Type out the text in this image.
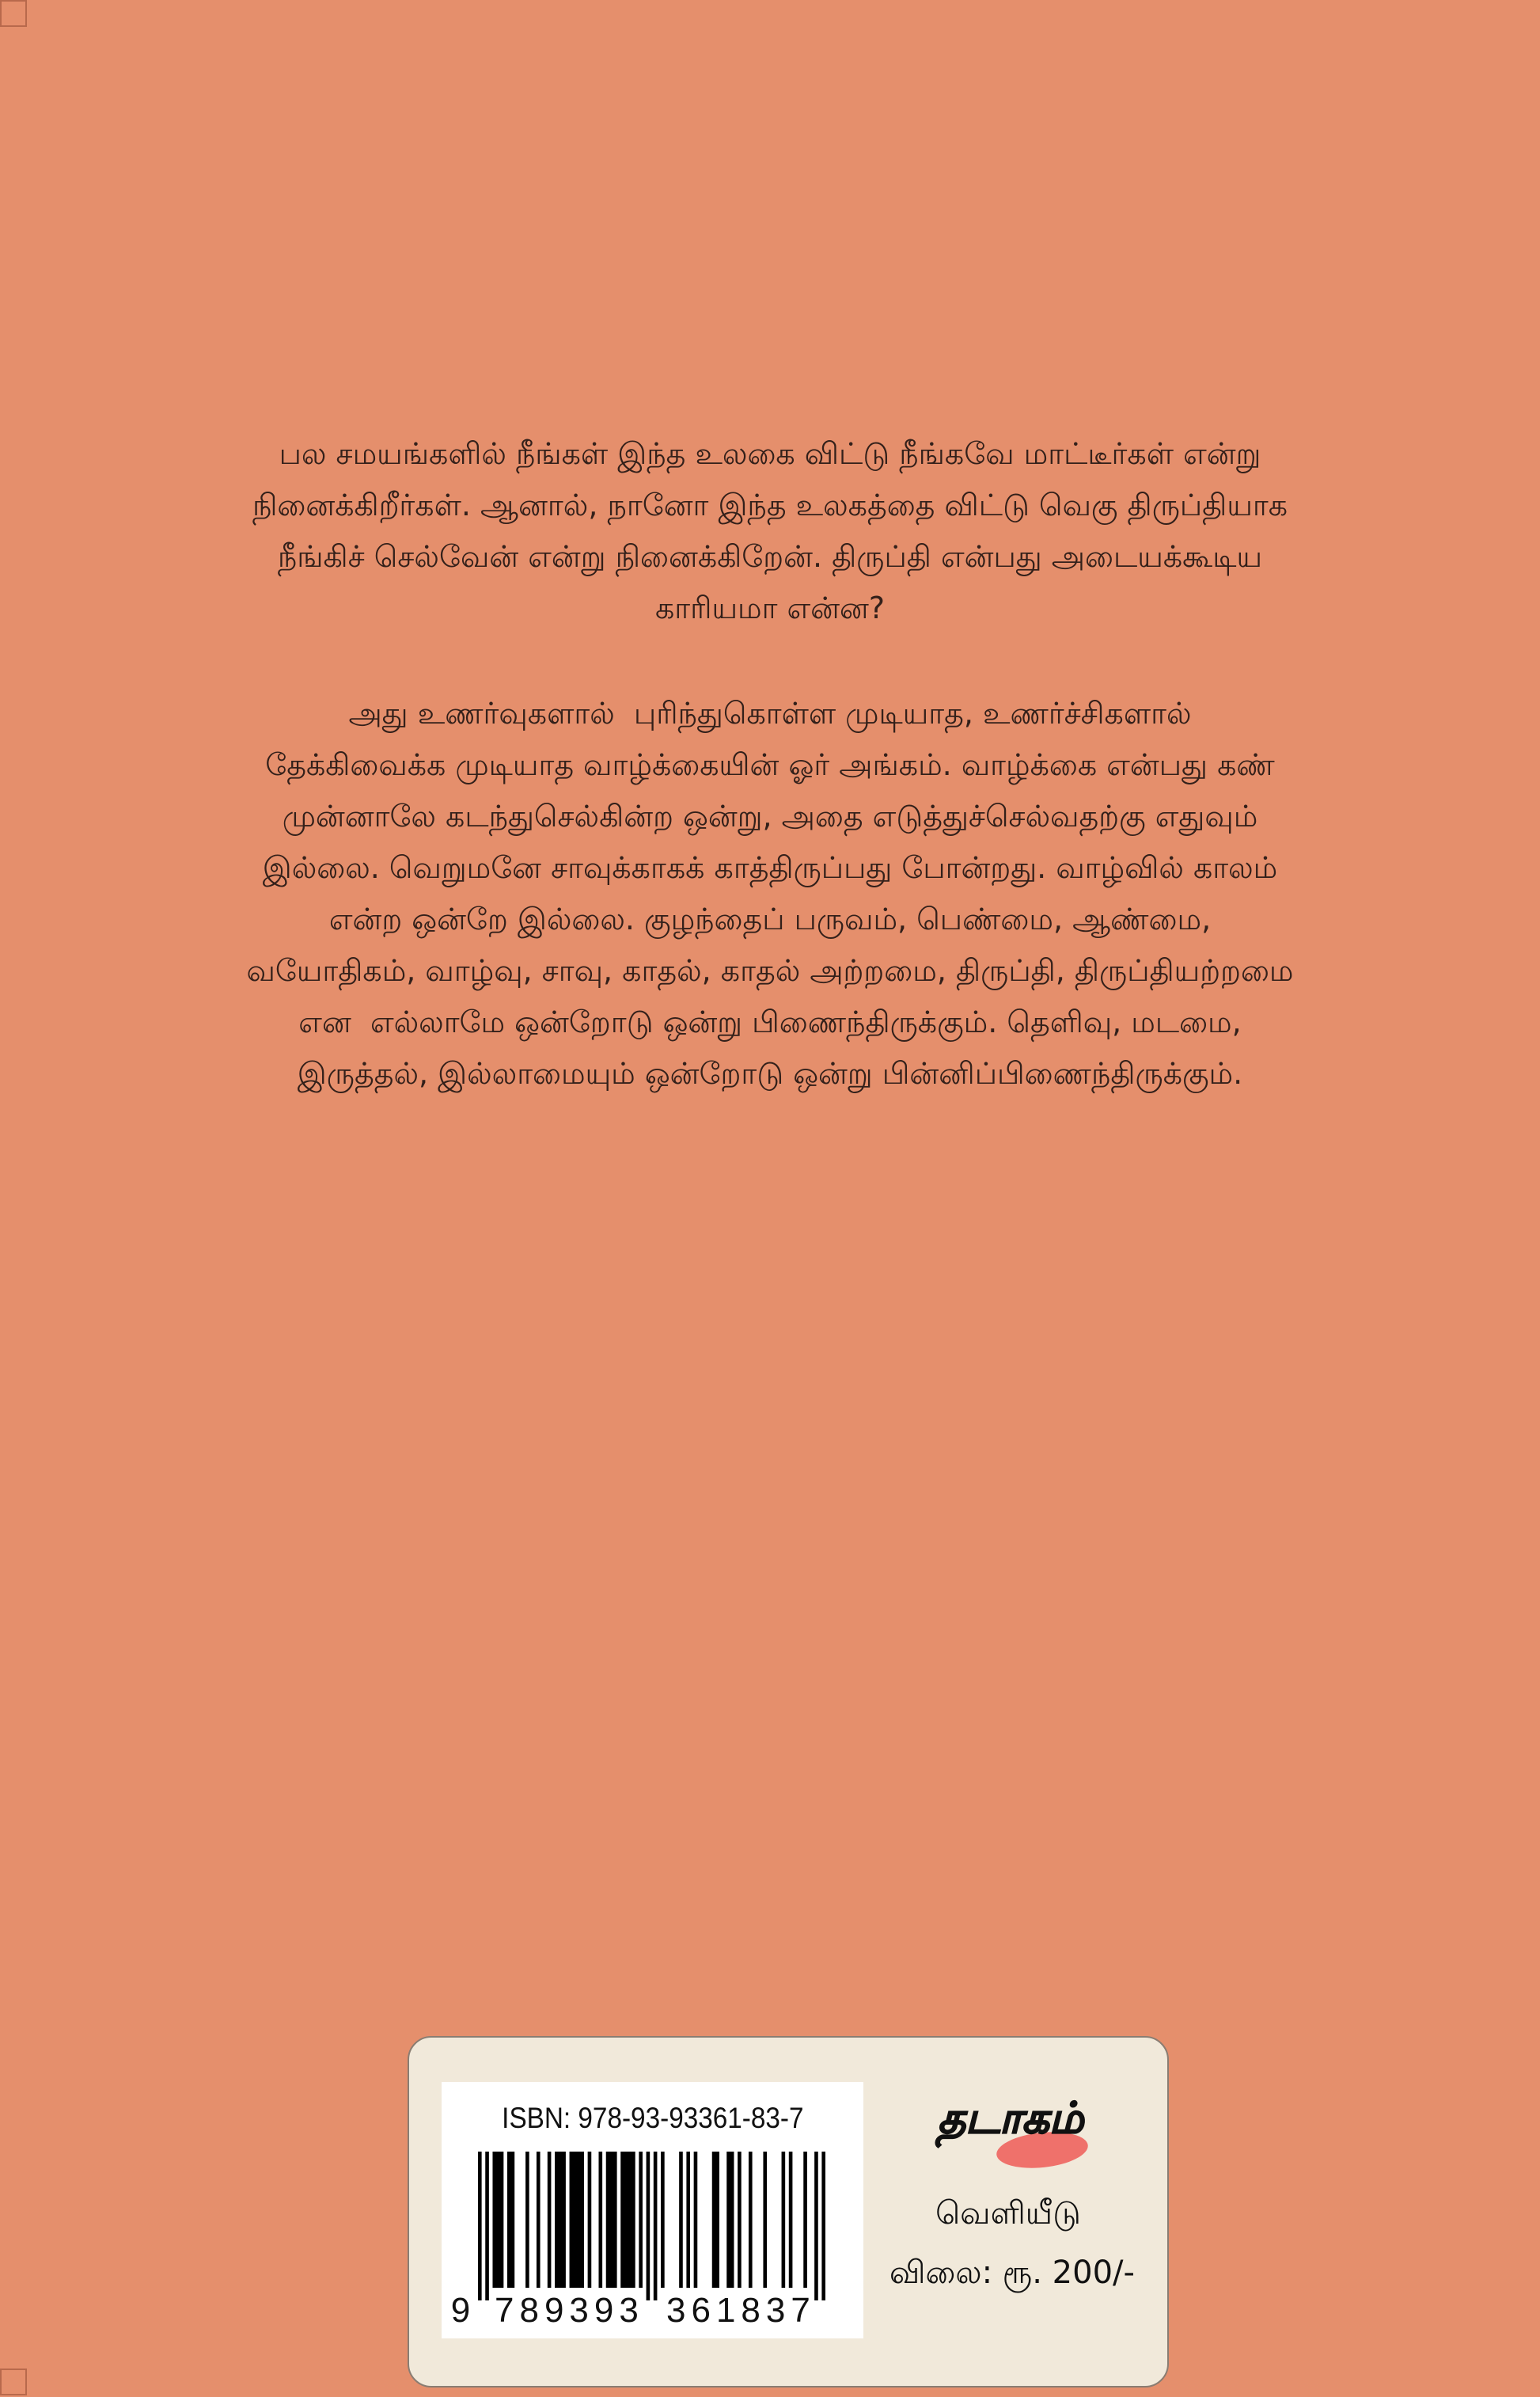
பல சமயங்களில் நீங்கள் இந்த உலகை விட்டு நீங்கவே மாட்டீர்கள் என்று
நினைக்கிறீர்கள். ஆனால், நானோ இந்த உலகத்தை விட்டு வெகு திருப்தியாக
நீங்கிச் செல்வேன் என்று நினைக்கிறேன். திருப்தி என்பது அடையக்கூடிய
காரியமா என்ன?
அது உணர்வுகளால்  புரிந்துகொள்ள முடியாத, உணர்ச்சிகளால்
தேக்கிவைக்க முடியாத வாழ்க்கையின் ஓர் அங்கம். வாழ்க்கை என்பது கண்
முன்னாலே கடந்துசெல்கின்ற ஒன்று, அதை எடுத்துச்செல்வதற்கு எதுவும்
இல்லை. வெறுமனே சாவுக்காகக் காத்திருப்பது போன்றது. வாழ்வில் காலம்
என்ற ஒன்றே இல்லை. குழந்தைப் பருவம், பெண்மை, ஆண்மை,
வயோதிகம், வாழ்வு, சாவு, காதல், காதல் அற்றமை, திருப்தி, திருப்தியற்றமை
என  எல்லாமே ஒன்றோடு ஒன்று பிணைந்திருக்கும். தெளிவு, மடமை,
இருத்தல், இல்லாமையும் ஒன்றோடு ஒன்று பின்னிப்பிணைந்திருக்கும்.
ISBN: 978-93-93361-83-7
9 789393 361837
தடாகம்
வெளியீடு
விலை: ரூ. 200/-
